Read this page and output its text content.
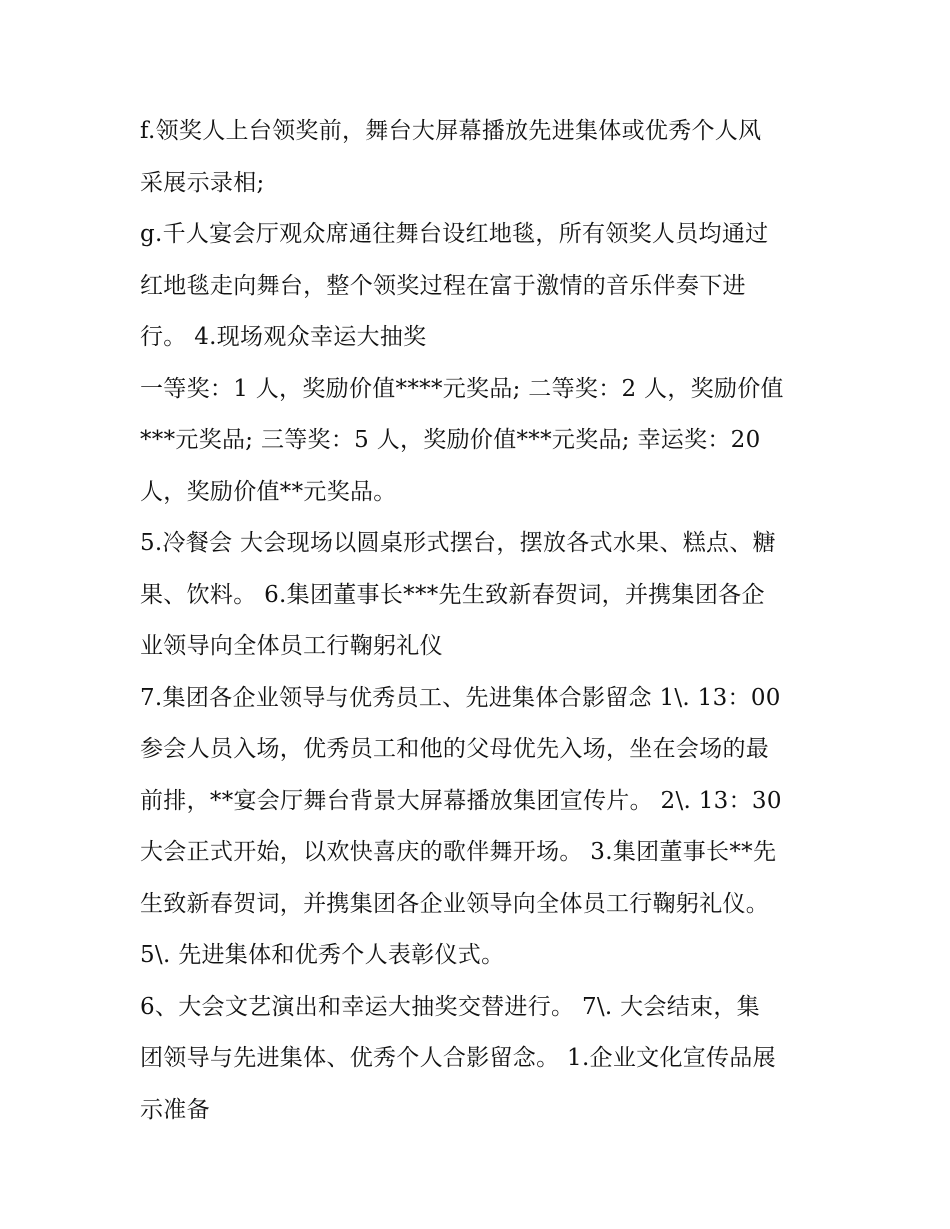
f.领奖人上台领奖前，舞台大屏幕播放先进集体或优秀个人风
采展示录相;
g.千人宴会厅观众席通往舞台设红地毯，所有领奖人员均通过
红地毯走向舞台，整个领奖过程在富于激情的音乐伴奏下进
行。 4.现场观众幸运大抽奖
一等奖：1 人，奖励价值****元奖品; 二等奖：2 人，奖励价值
***元奖品; 三等奖：5 人，奖励价值***元奖品; 幸运奖：20
人，奖励价值**元奖品。
5.冷餐会 大会现场以圆桌形式摆台，摆放各式水果、糕点、糖
果、饮料。 6.集团董事长***先生致新春贺词，并携集团各企
业领导向全体员工行鞠躬礼仪
7.集团各企业领导与优秀员工、先进集体合影留念 1\. 13：00
参会人员入场，优秀员工和他的父母优先入场，坐在会场的最
前排，**宴会厅舞台背景大屏幕播放集团宣传片。 2\. 13：30
大会正式开始，以欢快喜庆的歌伴舞开场。 3.集团董事长**先
生致新春贺词，并携集团各企业领导向全体员工行鞠躬礼仪。
5\. 先进集体和优秀个人表彰仪式。
6、大会文艺演出和幸运大抽奖交替进行。 7\. 大会结束，集
团领导与先进集体、优秀个人合影留念。 1.企业文化宣传品展
示准备
